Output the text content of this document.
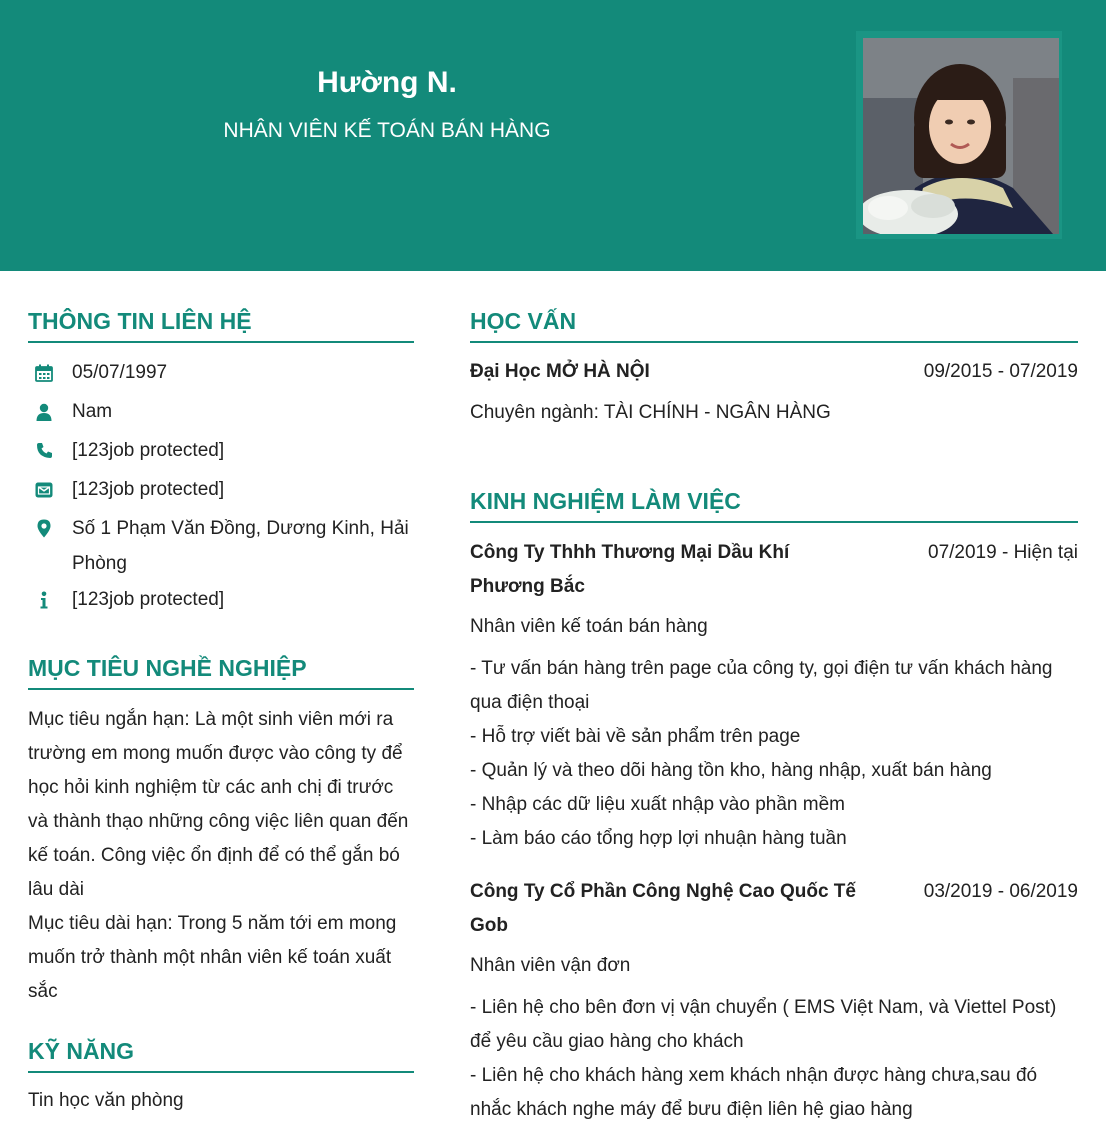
Hường N.
NHÂN VIÊN KẾ TOÁN BÁN HÀNG
THÔNG TIN LIÊN HỆ
05/07/1997
Nam
[123job protected]
[123job protected]
Số 1 Phạm Văn Đồng, Dương Kinh, Hải Phòng
[123job protected]
MỤC TIÊU NGHỀ NGHIỆP
Mục tiêu ngắn hạn: Là một sinh viên mới ra trường em mong muốn được vào công ty để học hỏi kinh nghiệm từ các anh chị đi trước và thành thạo những công việc liên quan đến kế toán. Công việc ổn định để có thể gắn bó lâu dài
Mục tiêu dài hạn: Trong 5 năm tới em mong muốn trở thành một nhân viên kế toán xuất sắc
KỸ NĂNG
Tin học văn phòng
HỌC VẤN
Đại Học MỞ HÀ NỘI	09/2015 - 07/2019
Chuyên ngành: TÀI CHÍNH - NGÂN HÀNG
KINH NGHIỆM LÀM VIỆC
Công Ty Thhh Thương Mại Dầu Khí Phương Bắc
07/2019 - Hiện tại
Nhân viên kế toán bán hàng
- Tư vấn bán hàng trên page của công ty, gọi điện tư vấn khách hàng qua điện thoại
- Hỗ trợ viết bài về sản phẩm trên page
- Quản lý và theo dõi hàng tồn kho, hàng nhập, xuất bán hàng
- Nhập các dữ liệu xuất nhập vào phần mềm
- Làm báo cáo tổng hợp lợi nhuận hàng tuần
Công Ty Cổ Phần Công Nghệ Cao Quốc Tế Gob
03/2019 - 06/2019
Nhân viên vận đơn
- Liên hệ cho bên đơn vị vận chuyển ( EMS Việt Nam, và Viettel Post) để yêu cầu giao hàng cho khách
- Liên hệ cho khách hàng xem khách nhận được hàng chưa,sau đó nhắc khách nghe máy để bưu điện liên hệ giao hàng
